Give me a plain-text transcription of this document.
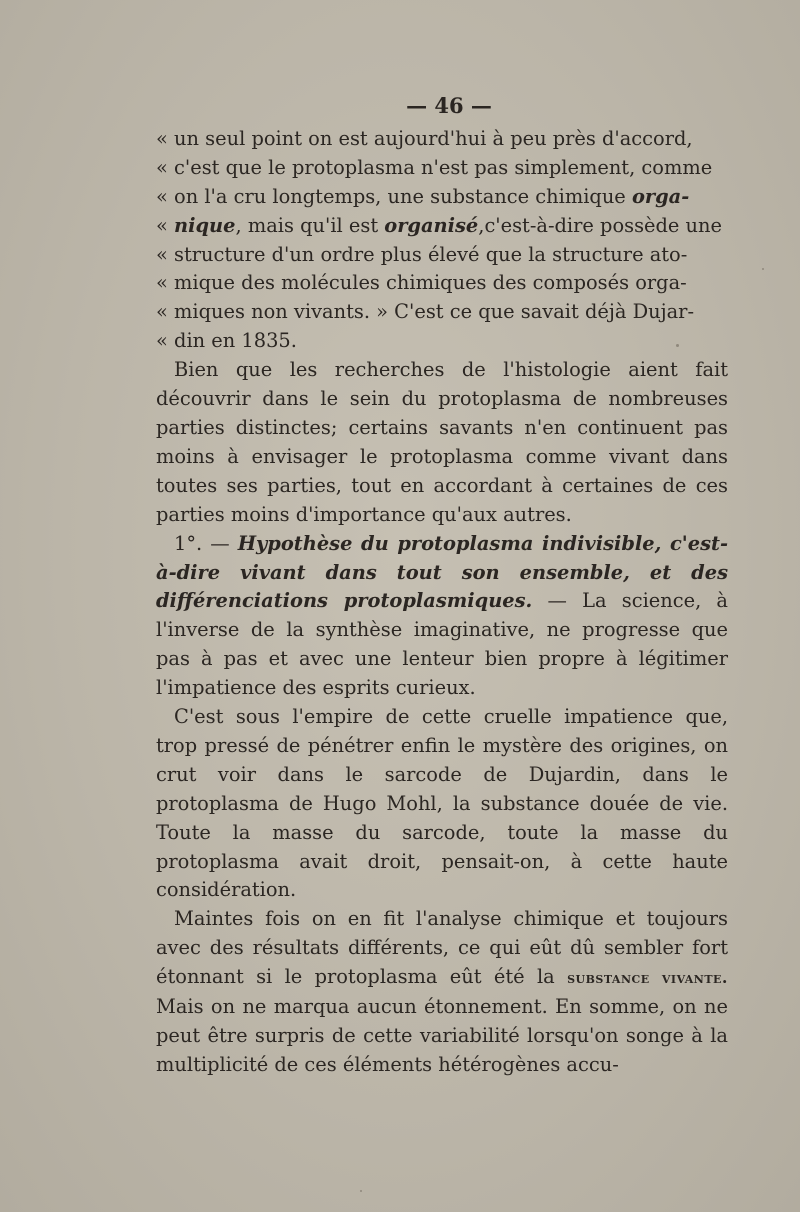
— 46 —
« un seul point on est aujourd'hui à peu près d'accord,
« c'est que le protoplasma n'est pas simplement, comme
« on l'a cru longtemps, une substance chimique orga-
« nique, mais qu'il est organisé,c'est-à-dire possède une
« structure d'un ordre plus élevé que la structure ato-
« mique des molécules chimiques des composés orga-
« miques non vivants. » C'est ce que savait déjà Dujar-
« din en 1835.

Bien que les recherches de l'histologie aient fait découvrir dans le sein du protoplasma de nombreuses parties distinctes; certains savants n'en continuent pas moins à envisager le protoplasma comme vivant dans toutes ses parties, tout en accordant à certaines de ces parties moins d'importance qu'aux autres.

1°. — Hypothèse du protoplasma indivisible, c'est-à-dire vivant dans tout son ensemble, et des différenciations protoplasmiques. — La science, à l'inverse de la synthèse imaginative, ne progresse que pas à pas et avec une lenteur bien propre à légitimer l'impatience des esprits curieux.

C'est sous l'empire de cette cruelle impatience que, trop pressé de pénétrer enfin le mystère des origines, on crut voir dans le sarcode de Dujardin, dans le protoplasma de Hugo Mohl, la substance douée de vie. Toute la masse du sarcode, toute la masse du protoplasma avait droit, pensait-on, à cette haute considération.

Maintes fois on en fit l'analyse chimique et toujours avec des résultats différents, ce qui eût dû sembler fort étonnant si le protoplasma eût été la substance vivante. Mais on ne marqua aucun étonnement. En somme, on ne peut être surpris de cette variabilité lorsqu'on songe à la multiplicité de ces éléments hétérogènes accu-
